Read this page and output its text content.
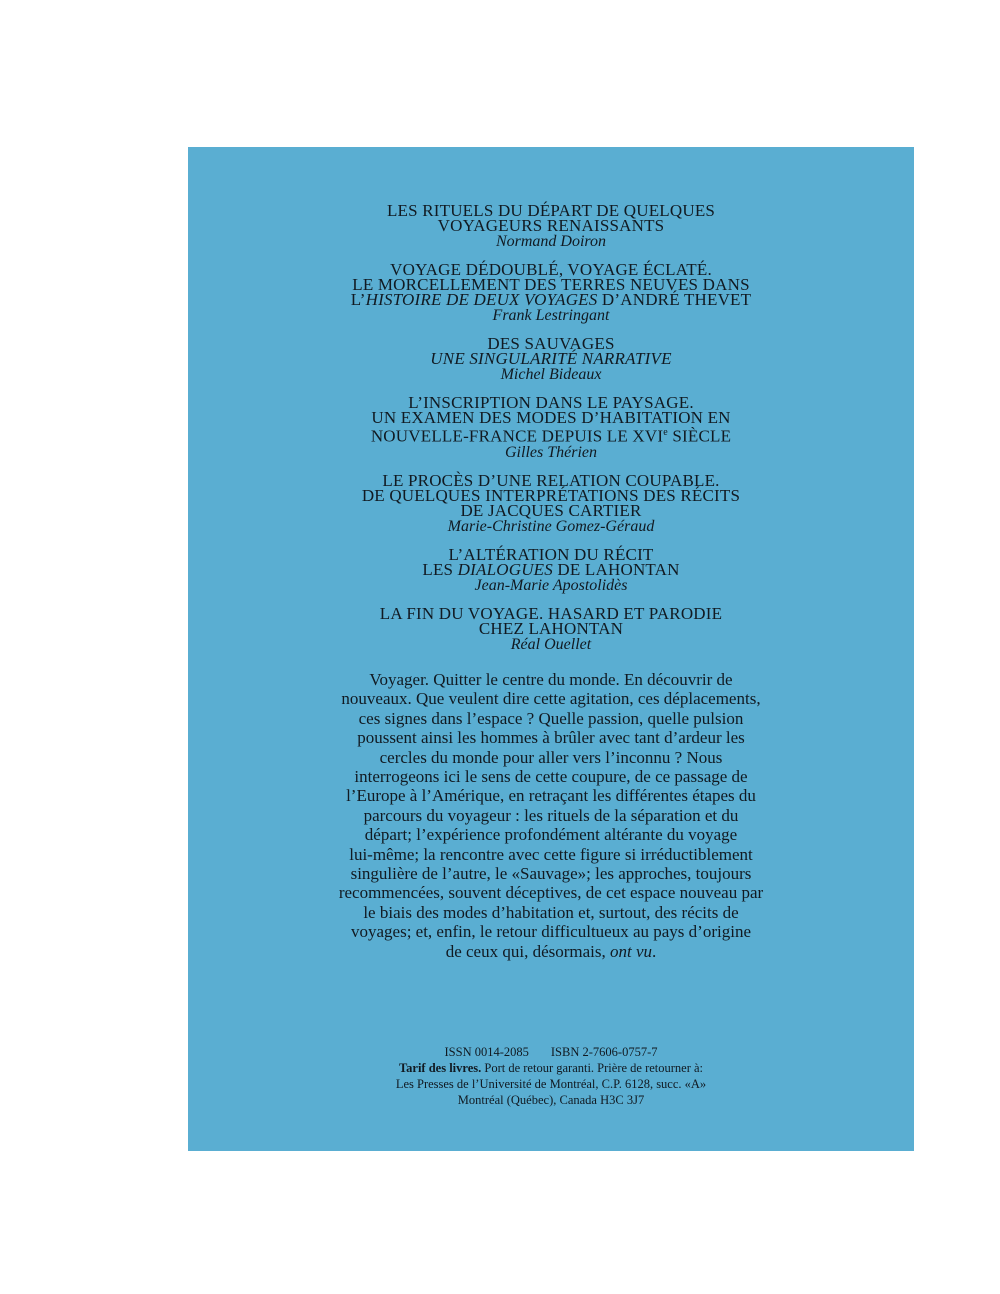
LES RITUELS DU DÉPART DE QUELQUES
VOYAGEURS RENAISSANTS
Normand Doiron
VOYAGE DÉDOUBLÉ, VOYAGE ÉCLATÉ.
LE MORCELLEMENT DES TERRES NEUVES DANS
L’HISTOIRE DE DEUX VOYAGES D’ANDRÉ THEVET
Frank Lestringant
DES SAUVAGES
UNE SINGULARITÉ NARRATIVE
Michel Bideaux
L’INSCRIPTION DANS LE PAYSAGE.
UN EXAMEN DES MODES D’HABITATION EN
NOUVELLE-FRANCE DEPUIS LE XVIe SIÈCLE
Gilles Thérien
LE PROCÈS D’UNE RELATION COUPABLE.
DE QUELQUES INTERPRÉTATIONS DES RÉCITS
DE JACQUES CARTIER
Marie-Christine Gomez-Géraud
L’ALTÉRATION DU RÉCIT
LES DIALOGUES DE LAHONTAN
Jean-Marie Apostolidès
LA FIN DU VOYAGE. HASARD ET PARODIE
CHEZ LAHONTAN
Réal Ouellet

Voyager. Quitter le centre du monde. En découvrir de

nouveaux. Que veulent dire cette agitation, ces déplacements,

ces signes dans l’espace ? Quelle passion, quelle pulsion

poussent ainsi les hommes à brûler avec tant d’ardeur les

cercles du monde pour aller vers l’inconnu ? Nous

interrogeons ici le sens de cette coupure, de ce passage de

l’Europe à l’Amérique, en retraçant les différentes étapes du

parcours du voyageur : les rituels de la séparation et du

départ; l’expérience profondément altérante du voyage

lui-même; la rencontre avec cette figure si irréductiblement

singulière de l’autre, le «Sauvage»; les approches, toujours

recommencées, souvent déceptives, de cet espace nouveau par

le biais des modes d’habitation et, surtout, des récits de

voyages; et, enfin, le retour difficultueux au pays d’origine

de ceux qui, désormais, ont vu.

ISSN 0014-2085 ISBN 2-7606-0757-7
Tarif des livres. Port de retour garanti. Prière de retourner à:
Les Presses de l’Université de Montréal, C.P. 6128, succ. «A»
Montréal (Québec), Canada H3C 3J7
